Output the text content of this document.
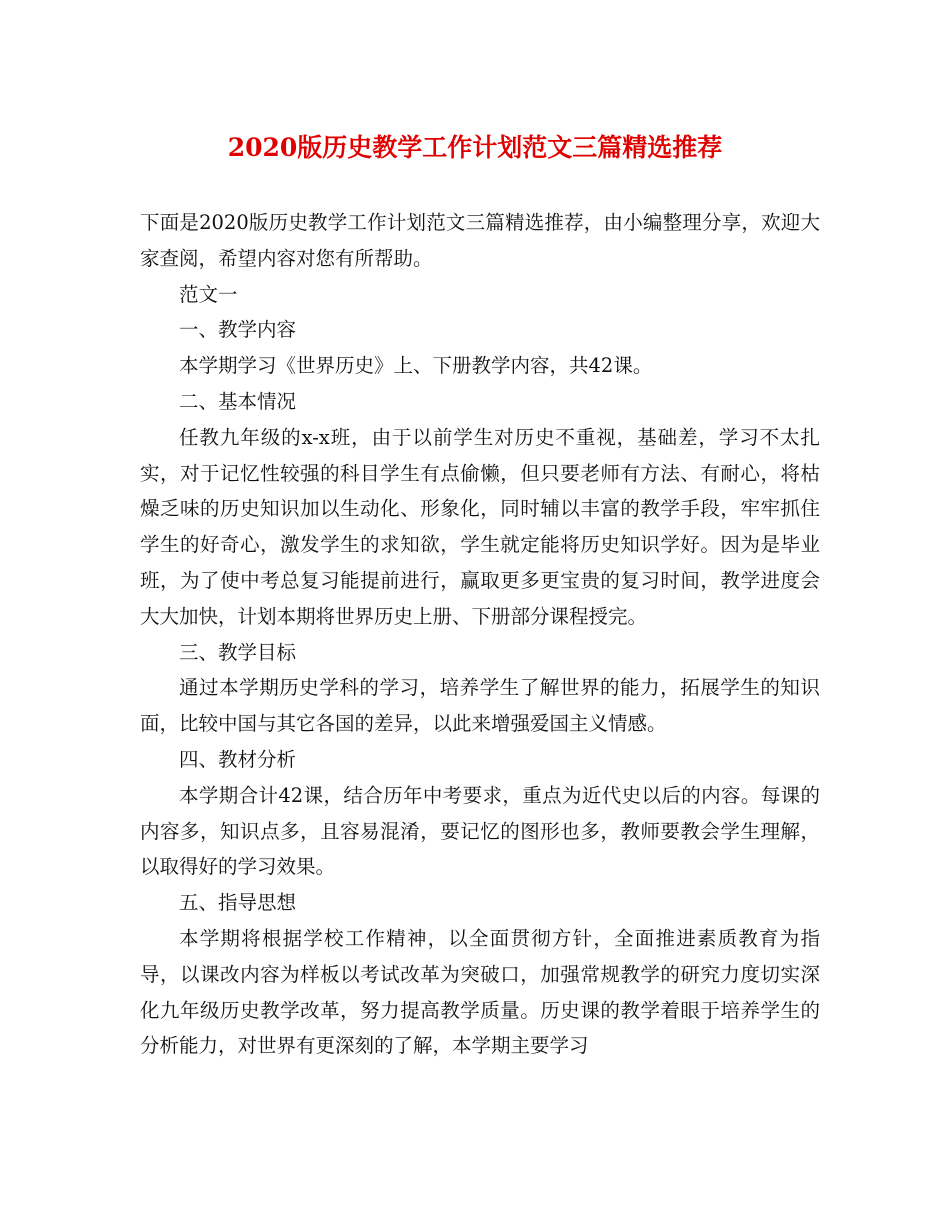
2020版历史教学工作计划范文三篇精选推荐

下面是2020版历史教学工作计划范文三篇精选推荐，由小编整理分享，欢迎大家查阅，希望内容对您有所帮助。

范文一

一、教学内容

本学期学习《世界历史》上、下册教学内容，共42课。

二、基本情况

任教九年级的x-x班，由于以前学生对历史不重视，基础差，学习不太扎实，对于记忆性较强的科目学生有点偷懒，但只要老师有方法、有耐心，将枯燥乏味的历史知识加以生动化、形象化，同时辅以丰富的教学手段，牢牢抓住学生的好奇心，激发学生的求知欲，学生就定能将历史知识学好。因为是毕业班，为了使中考总复习能提前进行，赢取更多更宝贵的复习时间，教学进度会大大加快，计划本期将世界历史上册、下册部分课程授完。

三、教学目标

通过本学期历史学科的学习，培养学生了解世界的能力，拓展学生的知识面，比较中国与其它各国的差异，以此来增强爱国主义情感。

四、教材分析

本学期合计42课，结合历年中考要求，重点为近代史以后的内容。每课的内容多，知识点多，且容易混淆，要记忆的图形也多，教师要教会学生理解，以取得好的学习效果。

五、指导思想

本学期将根据学校工作精神，以全面贯彻方针，全面推进素质教育为指导，以课改内容为样板以考试改革为突破口，加强常规教学的研究力度切实深化九年级历史教学改革，努力提高教学质量。历史课的教学着眼于培养学生的分析能力，对世界有更深刻的了解，本学期主要学习
